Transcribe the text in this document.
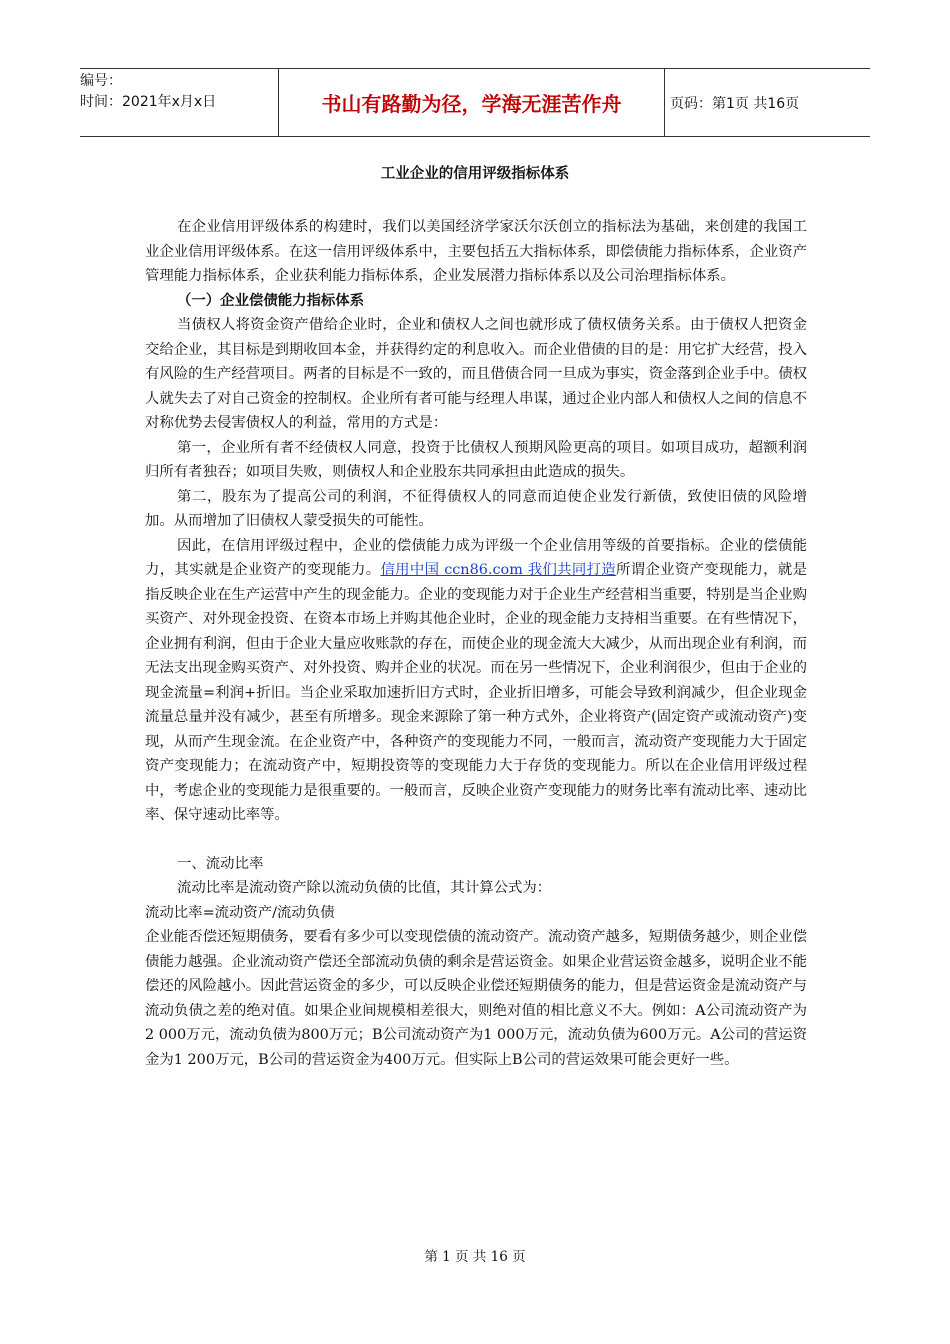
编号：
时间：2021年x月x日	书山有路勤为径，学海无涯苦作舟	页码：第1页 共16页
工业企业的信用评级指标体系

在企业信用评级体系的构建时，我们以美国经济学家沃尔沃创立的指标法为基础，来创建的我国工业企业信用评级体系。在这一信用评级体系中，主要包括五大指标体系，即偿债能力指标体系，企业资产管理能力指标体系，企业获利能力指标体系，企业发展潜力指标体系以及公司治理指标体系。

（一）企业偿债能力指标体系

当债权人将资金资产借给企业时，企业和债权人之间也就形成了债权债务关系。由于债权人把资金交给企业，其目标是到期收回本金，并获得约定的利息收入。而企业借债的目的是：用它扩大经营，投入有风险的生产经营项目。两者的目标是不一致的，而且借债合同一旦成为事实，资金落到企业手中。债权人就失去了对自己资金的控制权。企业所有者可能与经理人串谋，通过企业内部人和债权人之间的信息不对称优势去侵害债权人的利益，常用的方式是：

第一，企业所有者不经债权人同意，投资于比债权人预期风险更高的项目。如项目成功，超额利润归所有者独吞；如项目失败，则债权人和企业股东共同承担由此造成的损失。

第二，股东为了提高公司的利润，不征得债权人的同意而迫使企业发行新债，致使旧债的风险增加。从而增加了旧债权人蒙受损失的可能性。

因此，在信用评级过程中，企业的偿债能力成为评级一个企业信用等级的首要指标。企业的偿债能力，其实就是企业资产的变现能力。信用中国 ccn86.com 我们共同打造所谓企业资产变现能力，就是指反映企业在生产运营中产生的现金能力。企业的变现能力对于企业生产经营相当重要，特别是当企业购买资产、对外现金投资、在资本市场上并购其他企业时，企业的现金能力支持相当重要。在有些情况下，企业拥有利润，但由于企业大量应收账款的存在，而使企业的现金流大大减少，从而出现企业有利润，而无法支出现金购买资产、对外投资、购并企业的状况。而在另一些情况下，企业利润很少，但由于企业的现金流量=利润+折旧。当企业采取加速折旧方式时，企业折旧增多，可能会导致利润减少，但企业现金流量总量并没有减少，甚至有所增多。现金来源除了第一种方式外，企业将资产(固定资产或流动资产)变现，从而产生现金流。在企业资产中，各种资产的变现能力不同，一般而言，流动资产变现能力大于固定资产变现能力；在流动资产中，短期投资等的变现能力大于存货的变现能力。所以在企业信用评级过程中，考虑企业的变现能力是很重要的。一般而言，反映企业资产变现能力的财务比率有流动比率、速动比率、保守速动比率等。

一、流动比率

流动比率是流动资产除以流动负债的比值，其计算公式为：

流动比率=流动资产/流动负债

企业能否偿还短期债务，要看有多少可以变现偿债的流动资产。流动资产越多，短期债务越少，则企业偿债能力越强。企业流动资产偿还全部流动负债的剩余是营运资金。如果企业营运资金越多，说明企业不能偿还的风险越小。因此营运资金的多少，可以反映企业偿还短期债务的能力，但是营运资金是流动资产与流动负债之差的绝对值。如果企业间规模相差很大，则绝对值的相比意义不大。例如：A公司流动资产为2 000万元，流动负债为800万元；B公司流动资产为1 000万元，流动负债为600万元。A公司的营运资金为1 200万元，B公司的营运资金为400万元。但实际上B公司的营运效果可能会更好一些。

第 1 页 共 16 页
